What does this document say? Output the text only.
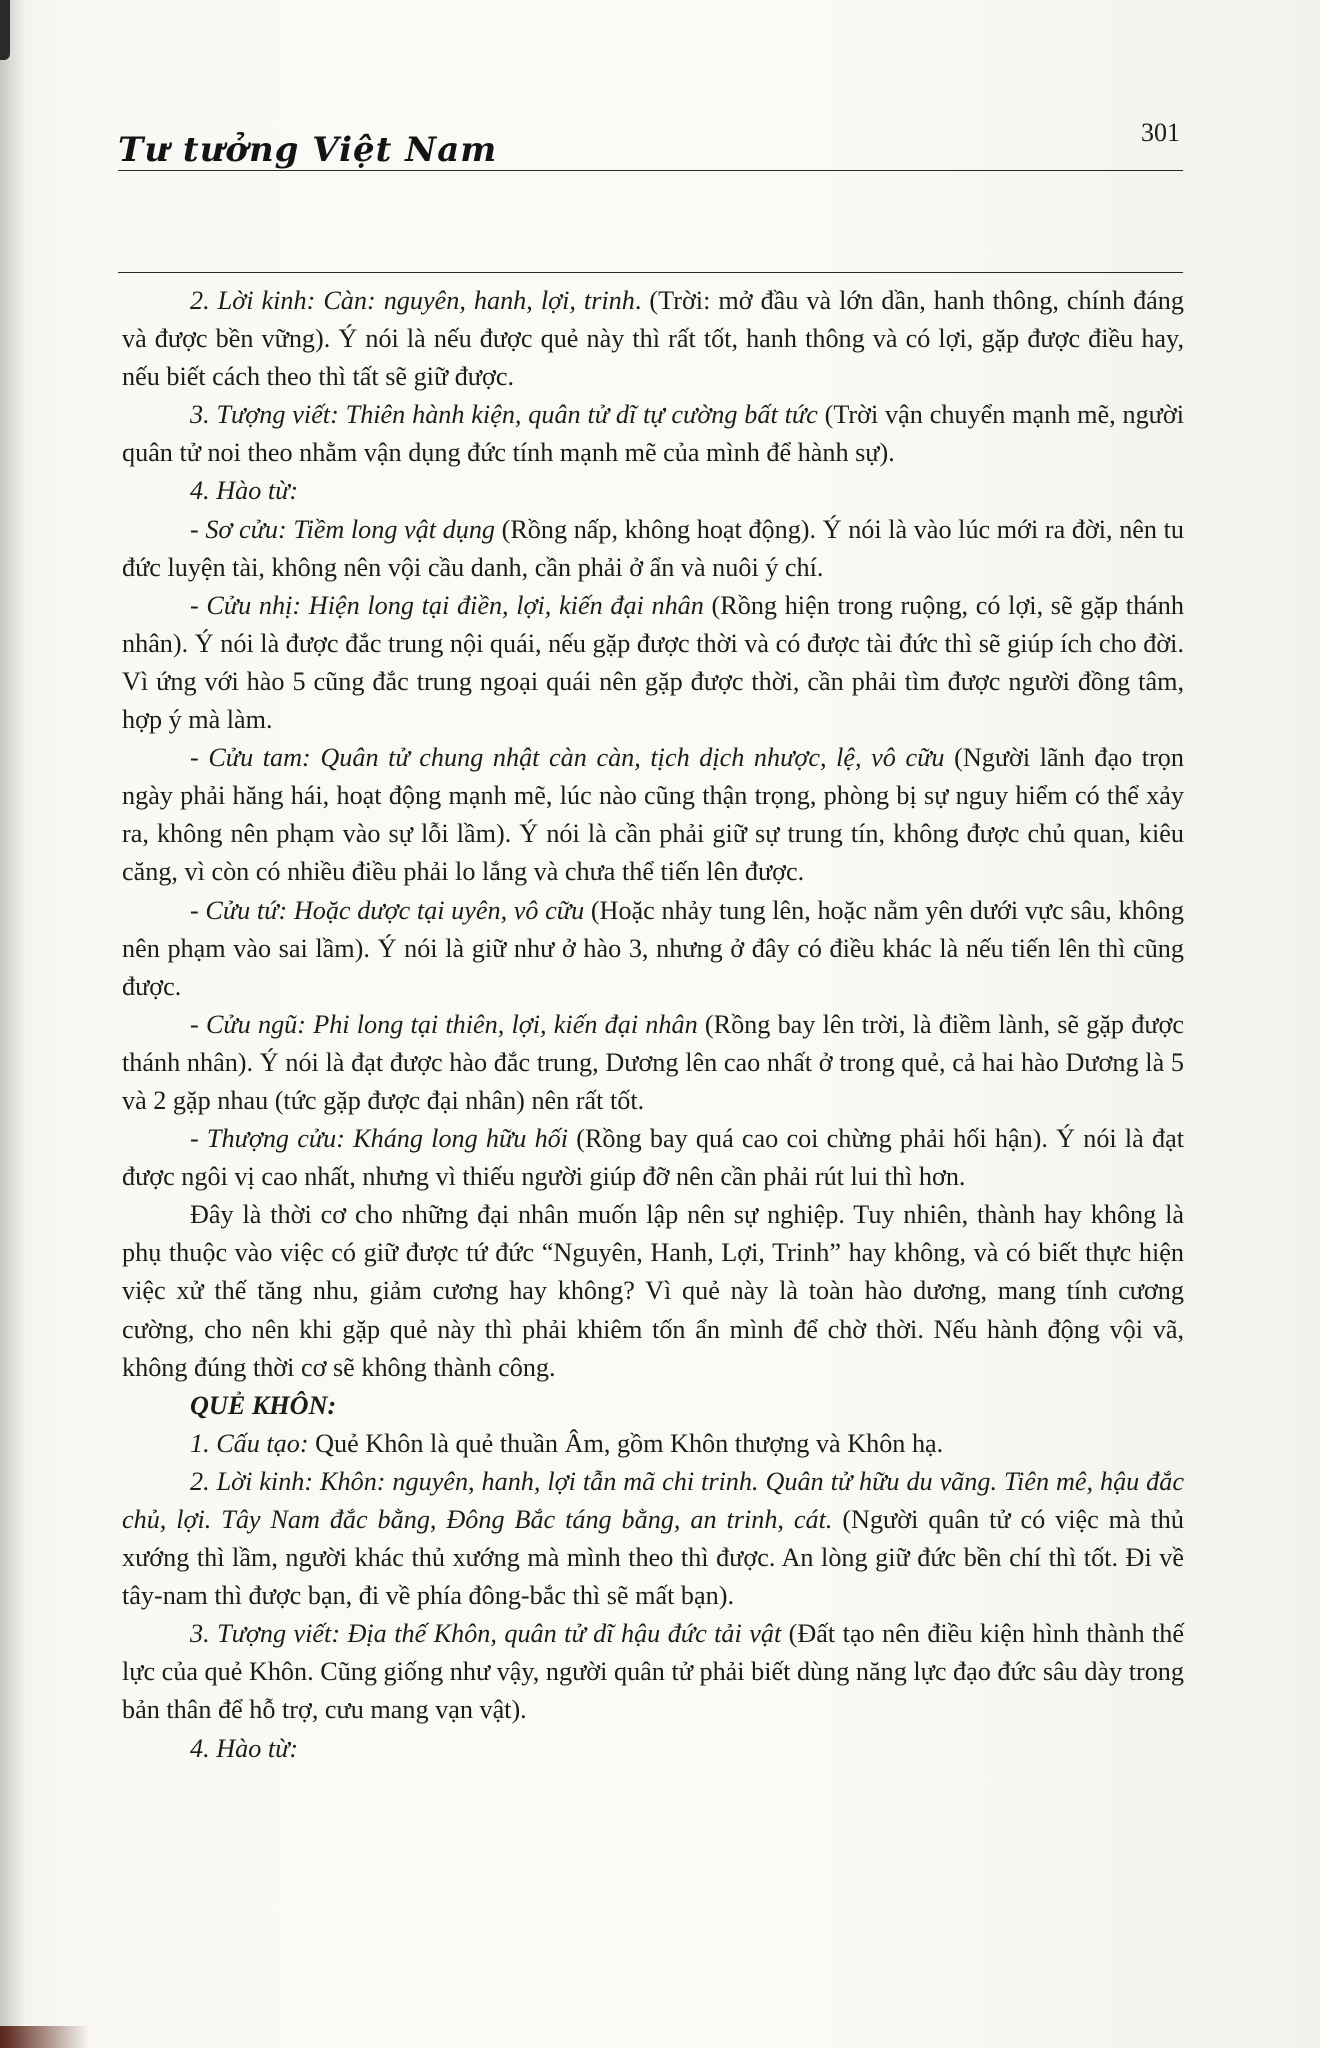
Tư tưởng Việt Nam	301

2. Lời kinh: Càn: nguyên, hanh, lợi, trinh. (Trời: mở đầu và lớn dần, hanh thông, chính đáng và được bền vững). Ý nói là nếu được quẻ này thì rất tốt, hanh thông và có lợi, gặp được điều hay, nếu biết cách theo thì tất sẽ giữ được.

3. Tượng viết: Thiên hành kiện, quân tử dĩ tự cường bất tức (Trời vận chuyển mạnh mẽ, người quân tử noi theo nhằm vận dụng đức tính mạnh mẽ của mình để hành sự).

4. Hào từ:

- Sơ cửu: Tiềm long vật dụng (Rồng nấp, không hoạt động). Ý nói là vào lúc mới ra đời, nên tu đức luyện tài, không nên vội cầu danh, cần phải ở ẩn và nuôi ý chí.

- Cửu nhị: Hiện long tại điền, lợi, kiến đại nhân (Rồng hiện trong ruộng, có lợi, sẽ gặp thánh nhân). Ý nói là được đắc trung nội quái, nếu gặp được thời và có được tài đức thì sẽ giúp ích cho đời. Vì ứng với hào 5 cũng đắc trung ngoại quái nên gặp được thời, cần phải tìm được người đồng tâm, hợp ý mà làm.

- Cửu tam: Quân tử chung nhật càn càn, tịch dịch nhược, lệ, vô cữu (Người lãnh đạo trọn ngày phải hăng hái, hoạt động mạnh mẽ, lúc nào cũng thận trọng, phòng bị sự nguy hiểm có thể xảy ra, không nên phạm vào sự lỗi lầm). Ý nói là cần phải giữ sự trung tín, không được chủ quan, kiêu căng, vì còn có nhiều điều phải lo lắng và chưa thể tiến lên được.

- Cửu tứ: Hoặc dược tại uyên, vô cữu (Hoặc nhảy tung lên, hoặc nằm yên dưới vực sâu, không nên phạm vào sai lầm). Ý nói là giữ như ở hào 3, nhưng ở đây có điều khác là nếu tiến lên thì cũng được.

- Cửu ngũ: Phi long tại thiên, lợi, kiến đại nhân (Rồng bay lên trời, là điềm lành, sẽ gặp được thánh nhân). Ý nói là đạt được hào đắc trung, Dương lên cao nhất ở trong quẻ, cả hai hào Dương là 5 và 2 gặp nhau (tức gặp được đại nhân) nên rất tốt.

- Thượng cửu: Kháng long hữu hối (Rồng bay quá cao coi chừng phải hối hận). Ý nói là đạt được ngôi vị cao nhất, nhưng vì thiếu người giúp đỡ nên cần phải rút lui thì hơn.

Đây là thời cơ cho những đại nhân muốn lập nên sự nghiệp. Tuy nhiên, thành hay không là phụ thuộc vào việc có giữ được tứ đức “Nguyên, Hanh, Lợi, Trinh” hay không, và có biết thực hiện việc xử thế tăng nhu, giảm cương hay không? Vì quẻ này là toàn hào dương, mang tính cương cường, cho nên khi gặp quẻ này thì phải khiêm tốn ẩn mình để chờ thời. Nếu hành động vội vã, không đúng thời cơ sẽ không thành công.

QUẺ KHÔN:

1. Cấu tạo: Quẻ Khôn là quẻ thuần Âm, gồm Khôn thượng và Khôn hạ.

2. Lời kinh: Khôn: nguyên, hanh, lợi tẫn mã chi trinh. Quân tử hữu du vãng. Tiên mê, hậu đắc chủ, lợi. Tây Nam đắc bằng, Đông Bắc táng bằng, an trinh, cát. (Người quân tử có việc mà thủ xướng thì lầm, người khác thủ xướng mà mình theo thì được. An lòng giữ đức bền chí thì tốt. Đi về tây-nam thì được bạn, đi về phía đông-bắc thì sẽ mất bạn).

3. Tượng viết: Địa thế Khôn, quân tử dĩ hậu đức tải vật (Đất tạo nên điều kiện hình thành thế lực của quẻ Khôn. Cũng giống như vậy, người quân tử phải biết dùng năng lực đạo đức sâu dày trong bản thân để hỗ trợ, cưu mang vạn vật).

4. Hào từ:
